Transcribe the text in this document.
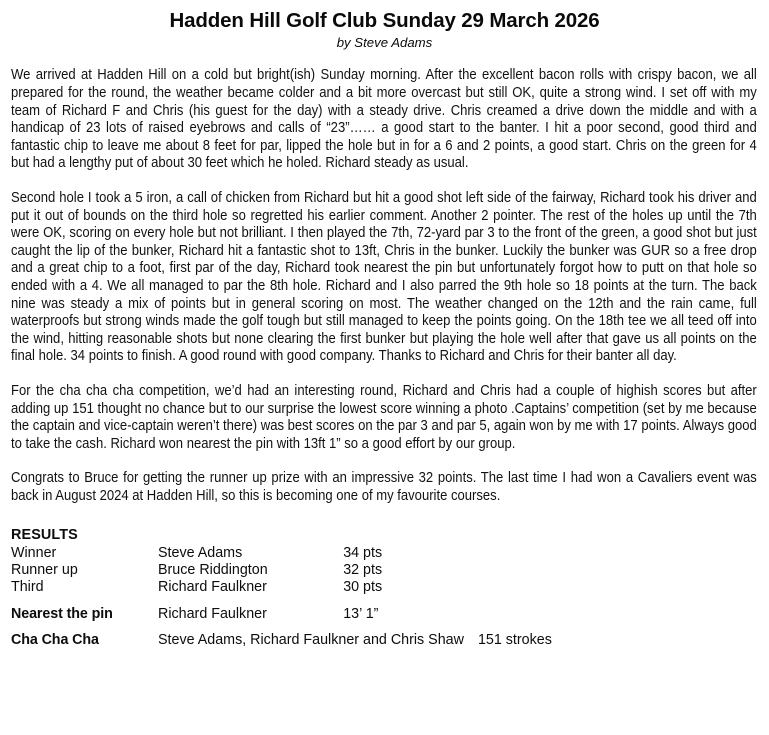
Hadden Hill Golf Club Sunday 29 March 2026
by Steve Adams

We arrived at Hadden Hill on a cold but bright(ish) Sunday morning. After the excellent bacon rolls with crispy bacon, we all prepared for the round, the weather became colder and a bit more overcast but still OK, quite a strong wind. I set off with my team of Richard F and Chris (his guest for the day) with a steady drive. Chris creamed a drive down the middle and with a handicap of 23 lots of raised eyebrows and calls of “23”…… a good start to the banter. I hit a poor second, good third and fantastic chip to leave me about 8 feet for par, lipped the hole but in for a 6 and 2 points, a good start. Chris on the green for 4 but had a lengthy put of about 30 feet which he holed. Richard steady as usual.

Second hole I took a 5 iron, a call of chicken from Richard but hit a good shot left side of the fairway, Richard took his driver and put it out of bounds on the third hole so regretted his earlier comment. Another 2 pointer. The rest of the holes up until the 7th were OK, scoring on every hole but not brilliant. I then played the 7th, 72-yard par 3 to the front of the green, a good shot but just caught the lip of the bunker, Richard hit a fantastic shot to 13ft, Chris in the bunker. Luckily the bunker was GUR so a free drop and a great chip to a foot, first par of the day, Richard took nearest the pin but unfortunately forgot how to putt on that hole so ended with a 4. We all managed to par the 8th hole. Richard and I also parred the 9th hole so 18 points at the turn. The back nine was steady a mix of points but in general scoring on most. The weather changed on the 12th and the rain came, full waterproofs but strong winds made the golf tough but still managed to keep the points going. On the 18th tee we all teed off into the wind, hitting reasonable shots but none clearing the first bunker but playing the hole well after that gave us all points on the final hole. 34 points to finish. A good round with good company. Thanks to Richard and Chris for their banter all day.

For the cha cha cha competition, we’d had an interesting round, Richard and Chris had a couple of highish scores but after adding up 151 thought no chance but to our surprise the lowest score winning a photo .Captains’ competition (set by me because the captain and vice-captain weren’t there) was best scores on the par 3 and par 5, again won by me with 17 points. Always good to take the cash. Richard won nearest the pin with 13ft 1” so a good effort by our group.

Congrats to Bruce for getting the runner up prize with an impressive 32 points. The last time I had won a Cavaliers event was back in August 2024 at Hadden Hill, so this is becoming one of my favourite courses.

RESULTS
Winner	Steve Adams	34 pts
Runner up	Bruce Riddington	32 pts
Third	Richard Faulkner	30 pts
Nearest the pin	Richard Faulkner	13’ 1”
Cha Cha Cha	Steve Adams, Richard Faulkner and Chris Shaw 151 strokes	
